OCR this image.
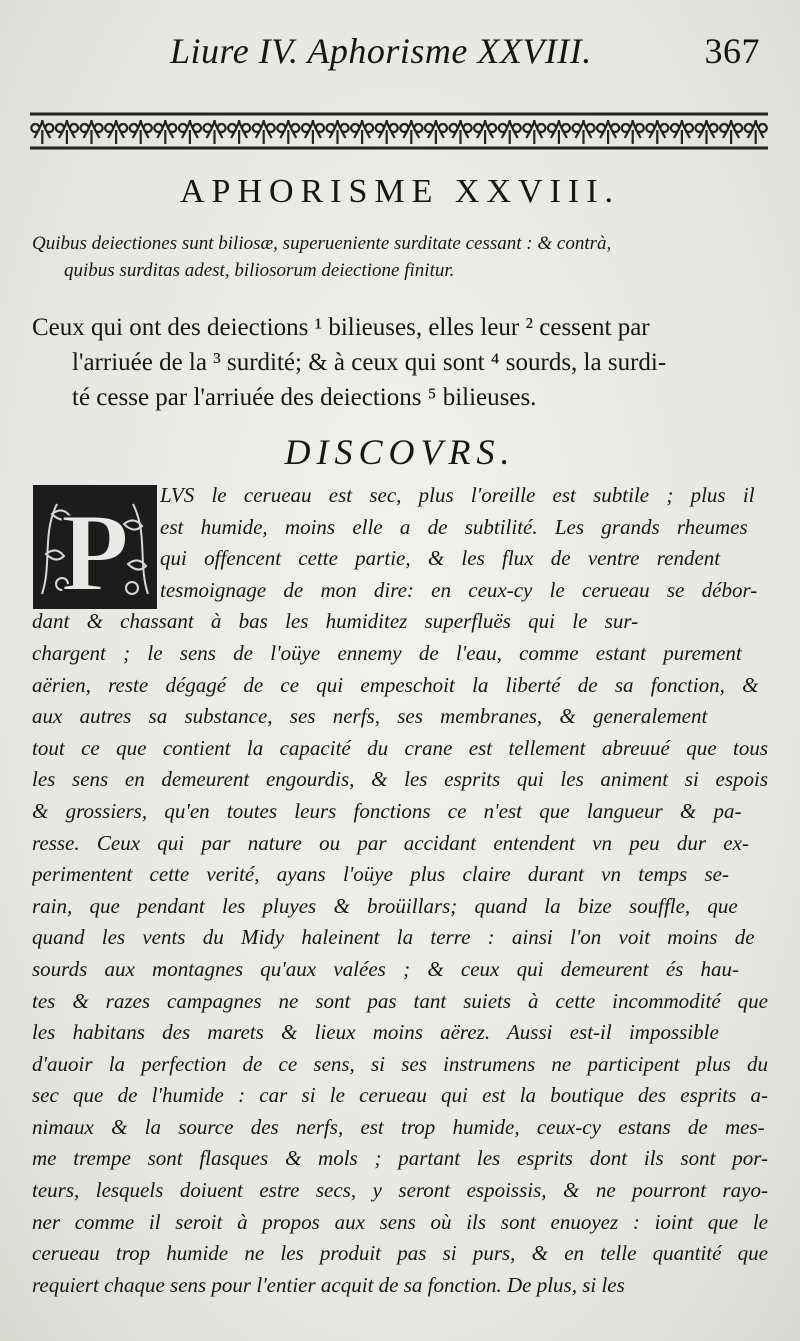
Liure IV. Aphorisme XXVIII.	367
APHORISME XXVIII.
Quibus deiectiones sunt biliosæ, superueniente surditate cessant : & contrà,
quibus surditas adest, biliosorum deiectione finitur.
Ceux qui ont des deiections ¹ bilieuses, elles leur ² cessent par
l'arriuée de la ³ surdité; & à ceux qui sont ⁴ sourds, la surdi-
té cesse par l'arriuée des deiections ⁵ bilieuses.
DISCOVRS.
P	LVS le cerueau est sec, plus l'oreille est subtile ; plus il
est humide, moins elle a de subtilité. Les grands rheumes
qui offencent cette partie, & les flux de ventre rendent
tesmoignage de mon dire: en ceux-cy le cerueau se débor-
dant & chassant à bas les humiditez superfluës qui le sur-
chargent ; le sens de l'oüye ennemy de l'eau, comme estant purement
aërien, reste dégagé de ce qui empeschoit la liberté de sa fonction, &
aux autres sa substance, ses nerfs, ses membranes, & generalement
tout ce que contient la capacité du crane est tellement abreuué que tous
les sens en demeurent engourdis, & les esprits qui les animent si espois
& grossiers, qu'en toutes leurs fonctions ce n'est que langueur & pa-
resse. Ceux qui par nature ou par accidant entendent vn peu dur ex-
perimentent cette verité, ayans l'oüye plus claire durant vn temps se-
rain, que pendant les pluyes & broüillars; quand la bize souffle, que
quand les vents du Midy haleinent la terre : ainsi l'on voit moins de
sourds aux montagnes qu'aux valées ; & ceux qui demeurent és hau-
tes & razes campagnes ne sont pas tant suiets à cette incommodité que
les habitans des marets & lieux moins aërez. Aussi est-il impossible
d'auoir la perfection de ce sens, si ses instrumens ne participent plus du
sec que de l'humide : car si le cerueau qui est la boutique des esprits a-
nimaux & la source des nerfs, est trop humide, ceux-cy estans de mes-
me trempe sont flasques & mols ; partant les esprits dont ils sont por-
teurs, lesquels doiuent estre secs, y seront espoissis, & ne pourront rayo-
ner comme il seroit à propos aux sens où ils sont enuoyez : ioint que le
cerueau trop humide ne les produit pas si purs, & en telle quantité que
requiert chaque sens pour l'entier acquit de sa fonction. De plus, si les
